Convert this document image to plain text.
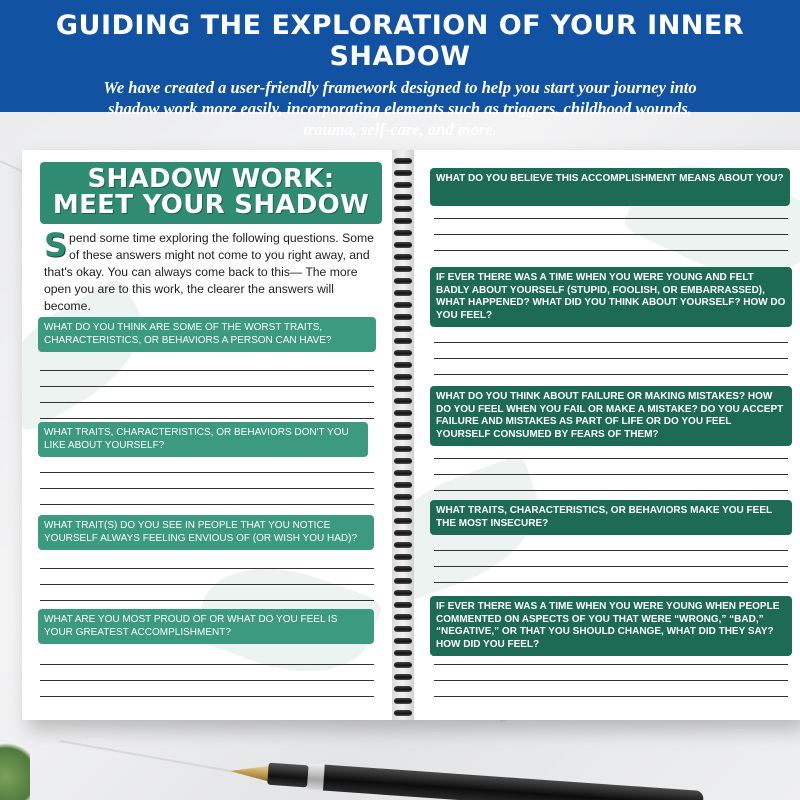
GUIDING THE EXPLORATION OF YOUR INNER SHADOW
We have created a user-friendly framework designed to help you start your journey into shadow work more easily, incorporating elements such as triggers, childhood wounds, trauma, self-care, and more.
SHADOW WORK:
MEET YOUR SHADOW
Spend some time exploring the following questions. Some of these answers might not come to you right away, and that's okay. You can always come back to this— The more open you are to this work, the clearer the answers will become.
WHAT DO YOU THINK ARE SOME OF THE WORST TRAITS, CHARACTERISTICS, OR BEHAVIORS A PERSON CAN HAVE?
WHAT TRAITS, CHARACTERISTICS, OR BEHAVIORS DON'T YOU LIKE ABOUT YOURSELF?
WHAT TRAIT(S) DO YOU SEE IN PEOPLE THAT YOU NOTICE YOURSELF ALWAYS FEELING ENVIOUS OF (OR WISH YOU HAD)?
WHAT ARE YOU MOST PROUD OF OR WHAT DO YOU FEEL IS YOUR GREATEST ACCOMPLISHMENT?
WHAT DO YOU BELIEVE THIS ACCOMPLISHMENT MEANS ABOUT YOU?
IF EVER THERE WAS A TIME WHEN YOU WERE YOUNG AND FELT BADLY ABOUT YOURSELF (STUPID, FOOLISH, OR EMBARRASSED), WHAT HAPPENED? WHAT DID YOU THINK ABOUT YOURSELF? HOW DO YOU FEEL?
WHAT DO YOU THINK ABOUT FAILURE OR MAKING MISTAKES? HOW DO YOU FEEL WHEN YOU FAIL OR MAKE A MISTAKE? DO YOU ACCEPT FAILURE AND MISTAKES AS PART OF LIFE OR DO YOU FEEL YOURSELF CONSUMED BY FEARS OF THEM?
WHAT TRAITS, CHARACTERISTICS, OR BEHAVIORS MAKE YOU FEEL THE MOST INSECURE?
IF EVER THERE WAS A TIME WHEN YOU WERE YOUNG WHEN PEOPLE COMMENTED ON ASPECTS OF YOU THAT WERE “WRONG,” “BAD,” “NEGATIVE,” OR THAT YOU SHOULD CHANGE, WHAT DID THEY SAY? HOW DID YOU FEEL?
